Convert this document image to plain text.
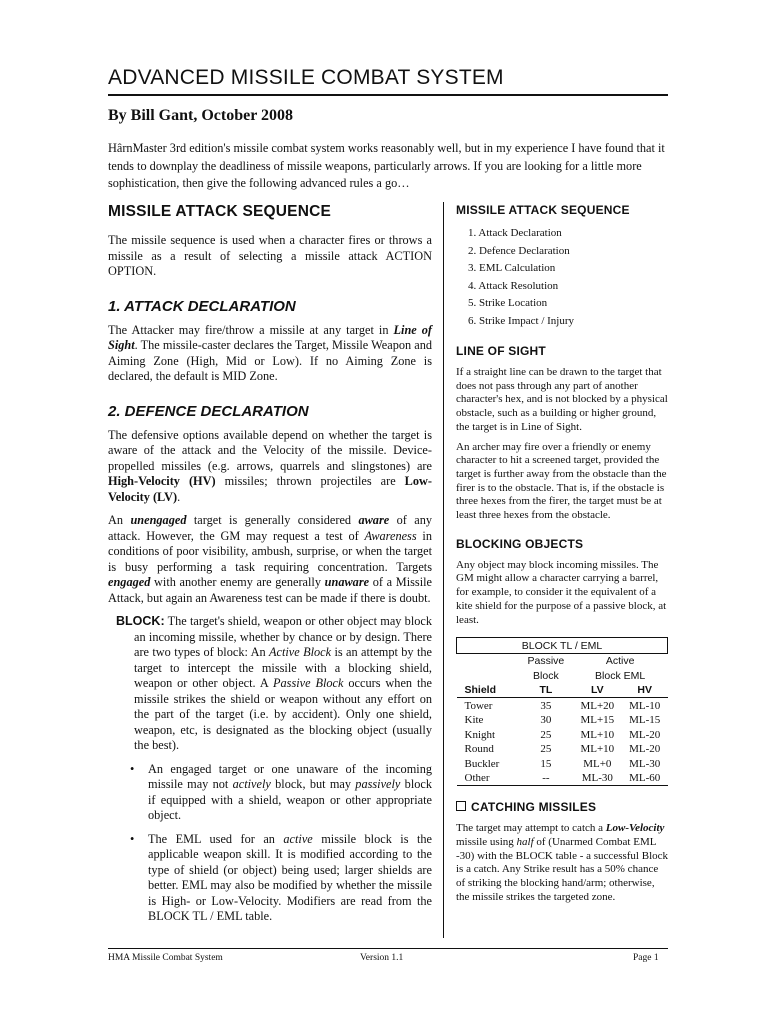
ADVANCED MISSILE COMBAT SYSTEM
By Bill Gant, October 2008

HârnMaster 3rd edition's missile combat system works reasonably well, but in my experience I have found that it tends to downplay the deadliness of missile weapons, particularly arrows. If you are looking for a little more sophistication, then give the following advanced rules a go…

MISSILE ATTACK SEQUENCE

The missile sequence is used when a character fires or throws a missile as a result of selecting a missile attack ACTION OPTION.

1. ATTACK DECLARATION

The Attacker may fire/throw a missile at any target in Line of Sight. The missile-caster declares the Target, Missile Weapon and Aiming Zone (High, Mid or Low). If no Aiming Zone is declared, the default is MID Zone.

2. DEFENCE DECLARATION

The defensive options available depend on whether the target is aware of the attack and the Velocity of the missile. Device-propelled missiles (e.g. arrows, quarrels and slingstones) are High-Velocity (HV) missiles; thrown projectiles are Low-Velocity (LV).

An unengaged target is generally considered aware of any attack. However, the GM may request a test of Awareness in conditions of poor visibility, ambush, surprise, or when the target is busy performing a task requiring concentration. Targets engaged with another enemy are generally unaware of a Missile Attack, but again an Awareness test can be made if there is doubt.

BLOCK: The target's shield, weapon or other object may block an incoming missile, whether by chance or by design. There are two types of block: An Active Block is an attempt by the target to intercept the missile with a blocking shield, weapon or other object. A Passive Block occurs when the missile strikes the shield or weapon without any effort on the part of the target (i.e. by accident). Only one shield, weapon, etc, is designated as the blocking object (usually the best).

• An engaged target or one unaware of the incoming missile may not actively block, but may passively block if equipped with a shield, weapon or other appropriate object.
• The EML used for an active missile block is the applicable weapon skill. It is modified according to the type of shield (or object) being used; larger shields are better. EML may also be modified by whether the missile is High- or Low-Velocity. Modifiers are read from the BLOCK TL / EML table.
MISSILE ATTACK SEQUENCE
1. Attack Declaration
2. Defence Declaration
3. EML Calculation
4. Attack Resolution
5. Strike Location
6. Strike Impact / Injury
LINE OF SIGHT

If a straight line can be drawn to the target that does not pass through any part of another character's hex, and is not blocked by a physical obstacle, such as a building or higher ground, the target is in Line of Sight.

An archer may fire over a friendly or enemy character to hit a screened target, provided the target is further away from the obstacle than the firer is to the obstacle. That is, if the obstacle is three hexes from the firer, the target must be at least three hexes from the obstacle.

BLOCKING OBJECTS

Any object may block incoming missiles. The GM might allow a character carrying a barrel, for example, to consider it the equivalent of a kite shield for the purpose of a passive block, at least.

BLOCK TL / EML			
	Passive	Active	
	Block	Block EML	
Shield	TL	LV	HV
Tower	35	ML+20	ML-10
Kite	30	ML+15	ML-15
Knight	25	ML+10	ML-20
Round	25	ML+10	ML-20
Buckler	15	ML+0	ML-30
Other	--	ML-30	ML-60
CATCHING MISSILES

The target may attempt to catch a Low-Velocity missile using half of (Unarmed Combat EML -30) with the BLOCK table - a successful Block is a catch. Any Strike result has a 50% chance of striking the blocking hand/arm; otherwise, the missile strikes the targeted zone.

HMA Missile Combat System	Version 1.1	Page 1
